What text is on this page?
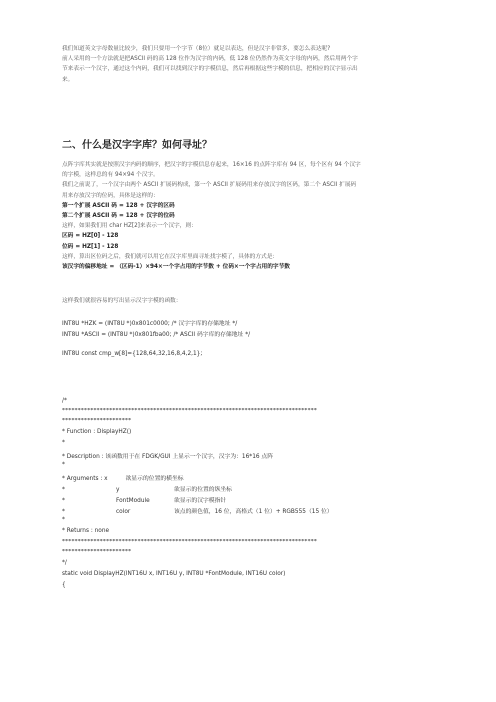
我们知道英文字母数量比较少，我们只要用一个字节（8位）就足以表达，但是汉字非常多，要怎么表达呢?
前人采用的一个方法就是把ASCII 码的高 128 位作为汉字的内码，低 128 位仍然作为英文字母的内码，然后用两个字
节来表示一个汉字，通过这个内码，我们可以找到汉字的字模信息，然后再根据这些字模的信息，把相应的汉字显示出
来。
二、什么是汉字字库？如何寻址？
点阵字库其实就是按照汉字内码的顺序，把汉字的字模信息存起来，16×16 的点阵字库有 94 区，每个区有 94 个汉字
的字模，这样总的有 94×94 个汉字。
我们之前说了，一个汉字由两个 ASCII 扩展码构成，第一个 ASCII 扩展码用来存放汉字的区码，第二个 ASCII 扩展码
用来存放汉字的位码，具体是这样的：
第一个扩展 ASCII 码 = 128 + 汉字的区码
第二个扩展 ASCII 码 = 128 + 汉字的位码
这样，如果我们用 char HZ[2]来表示一个汉字，则：
区码 = HZ[0] - 128
位码 = HZ[1] - 128
这样，算出区位码之后，我们就可以用它在汉字库里面寻址找字模了，具体的方式是：
该汉字的偏移地址 = （区码-1）×94×一个字占用的字节数 + 位码×一个字占用的字节数
这样我们就很容易的写出显示汉字字模的函数：
INT8U *HZK = (INT8U *)0x801c0000; /* 汉字字库的存储地址 */
INT8U *ASCII = (INT8U *)0x801fba00; /* ASCII 码字库的存储地址 */
INT8U const cmp_w[8]={128,64,32,16,8,4,2,1};
/*
*********************************************************************************
**********************
* Function : DisplayHZ()
*
* Description : 该函数用于在 FDGK/GUI 上显示一个汉字，汉字为：16*16 点阵
*
* Arguments : x	欲显示的位置的横坐标
*	y	欲显示的位置的纵坐标
*	FontModule	欲显示的汉字模指针
*	color	该点的颜色值，16 位，高格式（1 位）+ RGB555（15 位）
*
* Returns : none
*********************************************************************************
**********************
*/
static void DisplayHZ(INT16U x, INT16U y, INT8U *FontModule, INT16U color)
{
